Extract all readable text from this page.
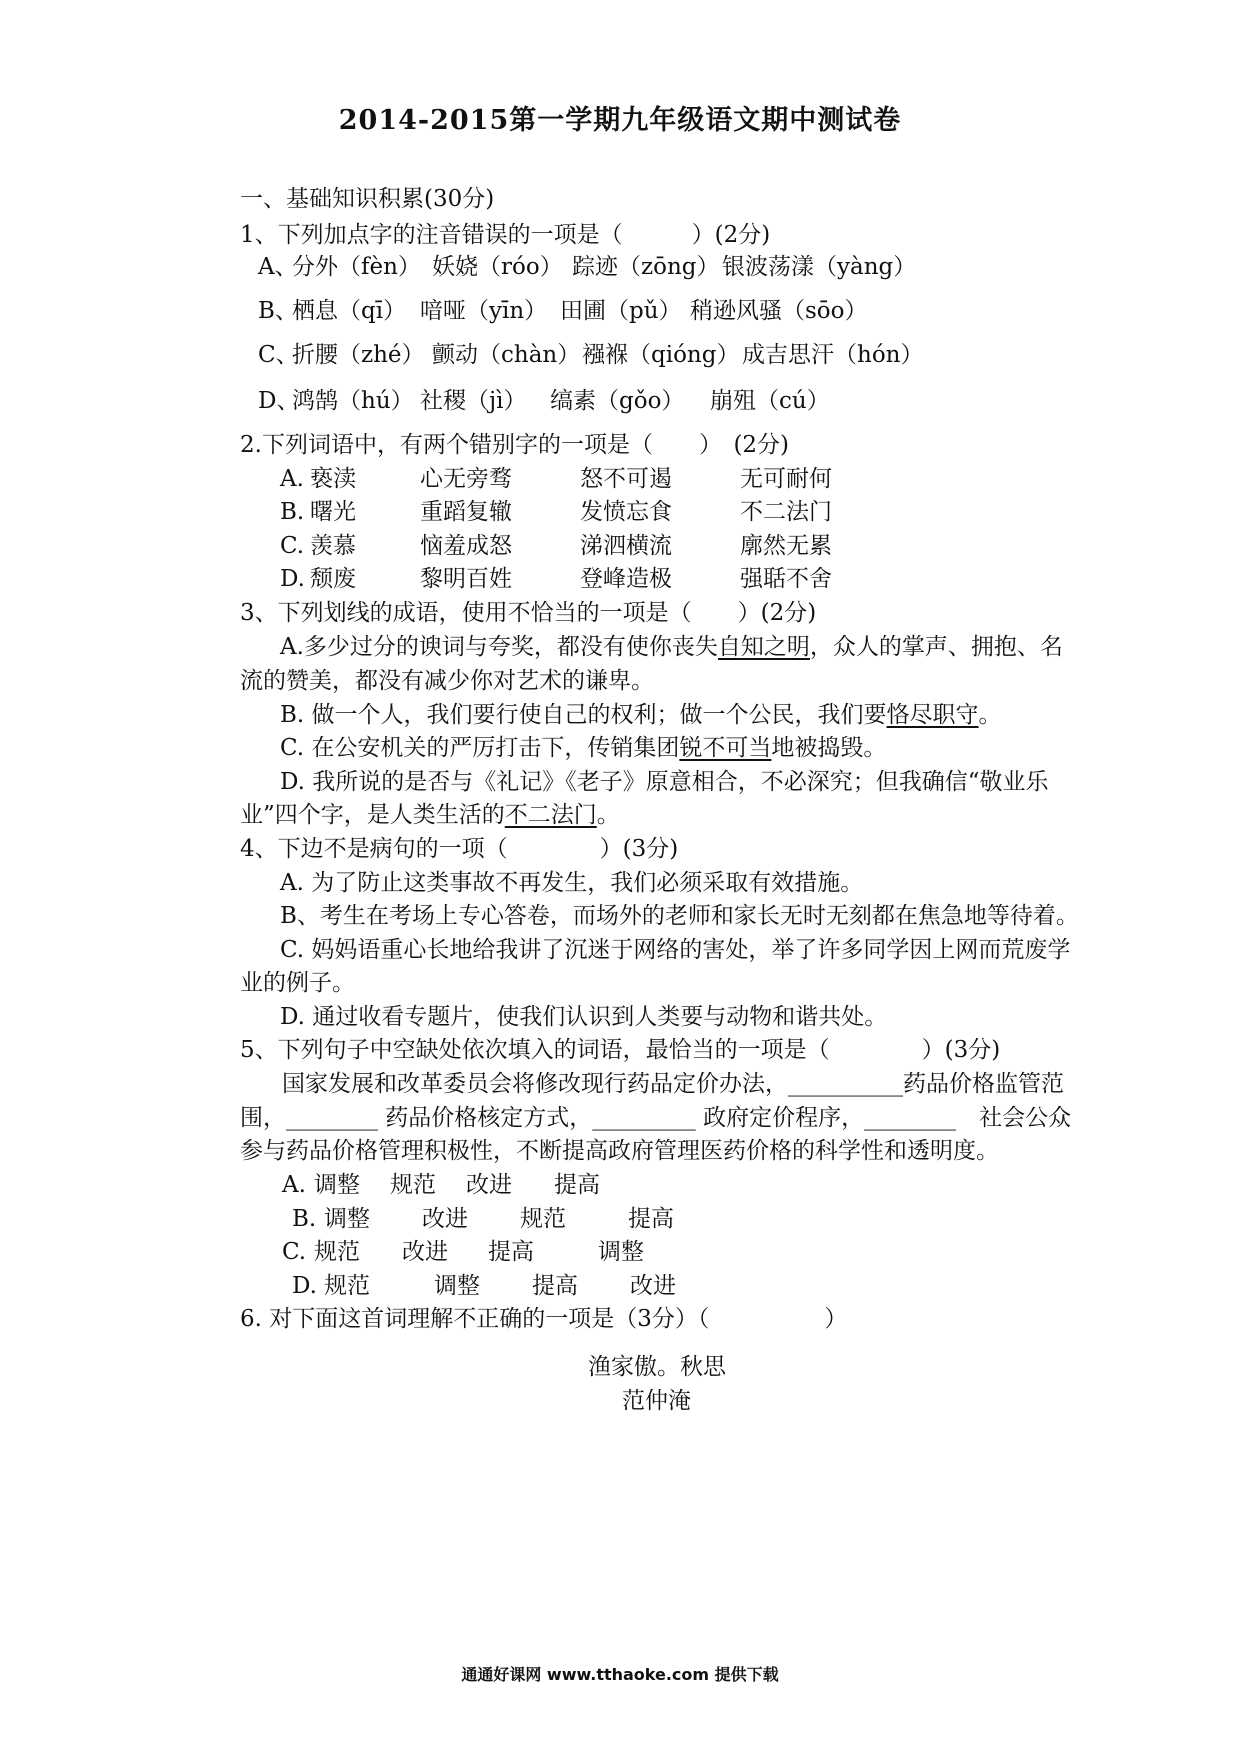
2014-2015第一学期九年级语文期中测试卷
一、基础知识积累(30分)
1、下列加点字的注音错误的一项是（　　　）(2分)
A、
分外（fèn） 妖娆（róo） 踪迹（zōng） 银波荡漾（yàng）
B、
栖息（qī） 喑哑（yīn） 田圃（pǔ） 稍逊风骚（sōo）
C、
折腰（zhé） 颤动（chàn） 襁褓（qióng） 成吉思汗（hón）
D、
鸿鹄（hú） 社稷（jì）	缟素（gǒo）	崩殂（cú）
2.下列词语中，有两个错别字的一项是（　　）　(2分)
A. 亵渎	心无旁骛	怒不可遏	无可耐何
B. 曙光	重蹈复辙	发愤忘食	不二法门
C. 羡慕	恼羞成怒	涕泗横流	廓然无累
D. 颓废	黎明百姓	登峰造极	强聒不舍
3、下列划线的成语，使用不恰当的一项是（　　）(2分)
A.多少过分的谀词与夸奖，都没有使你丧失自知之明，众人的掌声、拥抱、名
流的赞美，都没有减少你对艺术的谦卑。
B. 做一个人，我们要行使自己的权利；做一个公民，我们要恪尽职守。
C. 在公安机关的严厉打击下，传销集团锐不可当地被捣毁。
D. 我所说的是否与《礼记》《老子》原意相合，不必深究；但我确信“敬业乐
业”四个字，是人类生活的不二法门。
4、下边不是病句的一项（　　　　）(3分)
A. 为了防止这类事故不再发生，我们必须采取有效措施。
B、考生在考场上专心答卷，而场外的老师和家长无时无刻都在焦急地等待着。
C. 妈妈语重心长地给我讲了沉迷于网络的害处，举了许多同学因上网而荒废学
业的例子。
D. 通过收看专题片，使我们认识到人类要与动物和谐共处。
5、下列句子中空缺处依次填入的词语，最恰当的一项是（　　　　）(3分)
国家发展和改革委员会将修改现行药品定价办法，__________药品价格监管范
围，________ 药品价格核定方式，_________ 政府定价程序，________　社会公众
参与药品价格管理积极性，不断提高政府管理医药价格的科学性和透明度。
A. 调整	规范	改进	提高
B. 调整	改进	规范	提高
C. 规范	改进	提高	调整
D. 规范	调整	提高	改进
6. 对下面这首词理解不正确的一项是（3分）（　　　　　）
渔家傲。秋思
范仲淹
通通好课网 www.tthaoke.com 提供下载
